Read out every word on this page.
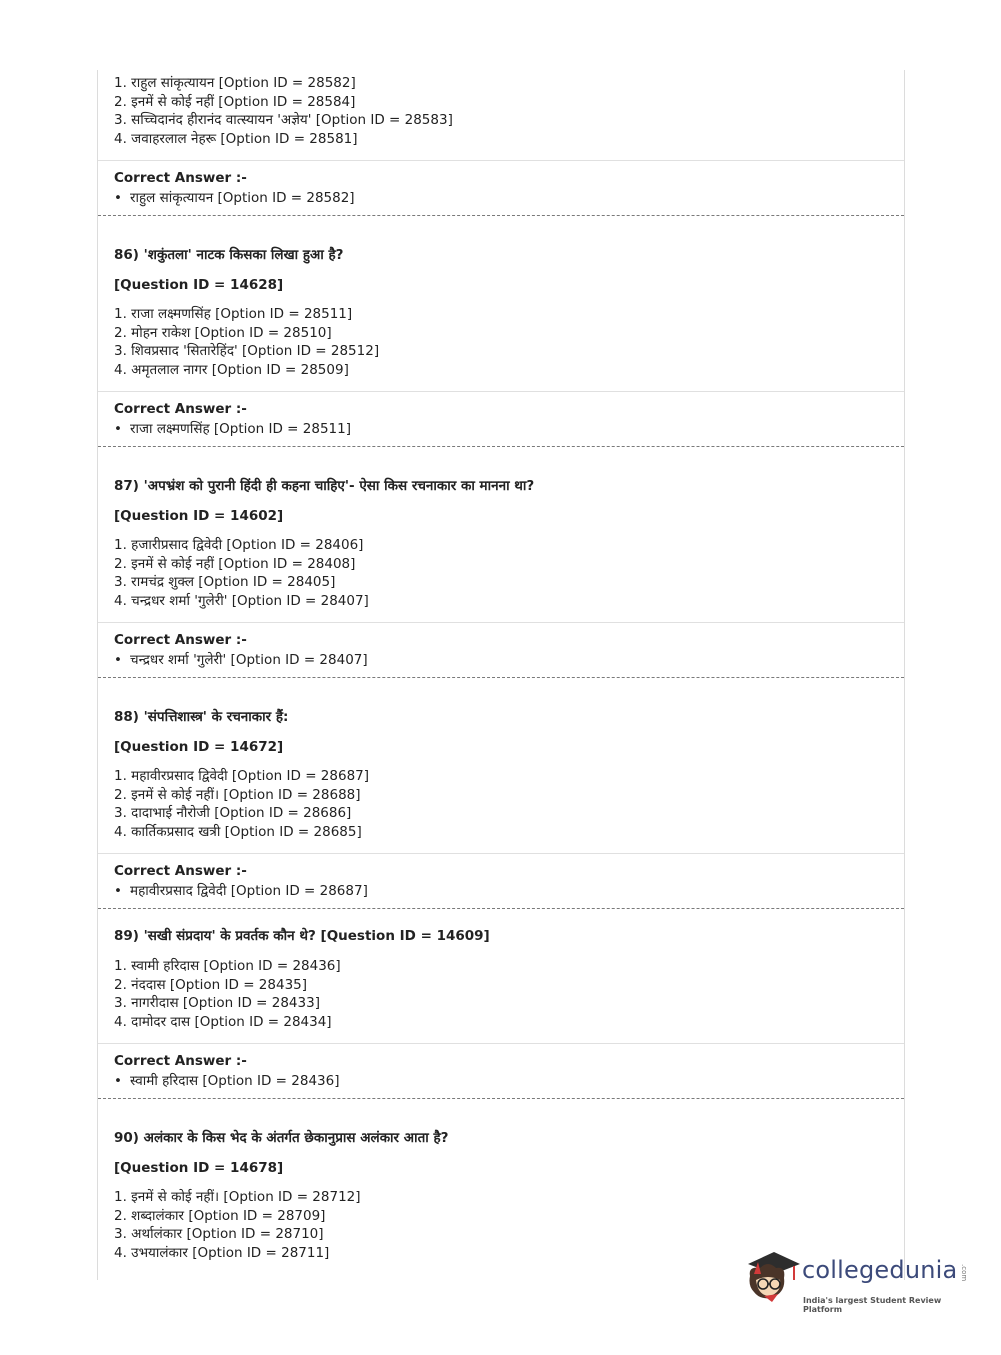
1. राहुल सांकृत्यायन [Option ID = 28582]
2. इनमें से कोई नहीं [Option ID = 28584]
3. सच्चिदानंद हीरानंद वात्स्यायन 'अज्ञेय' [Option ID = 28583]
4. जवाहरलाल नेहरू [Option ID = 28581]
Correct Answer :-
• राहुल सांकृत्यायन [Option ID = 28582]
86) 'शकुंतला' नाटक किसका लिखा हुआ है?
[Question ID = 14628]
1. राजा लक्ष्मणसिंह [Option ID = 28511]
2. मोहन राकेश [Option ID = 28510]
3. शिवप्रसाद 'सितारेहिंद' [Option ID = 28512]
4. अमृतलाल नागर [Option ID = 28509]
Correct Answer :-
• राजा लक्ष्मणसिंह [Option ID = 28511]
87) 'अपभ्रंश को पुरानी हिंदी ही कहना चाहिए'- ऐसा किस रचनाकार का मानना था?
[Question ID = 14602]
1. हजारीप्रसाद द्विवेदी [Option ID = 28406]
2. इनमें से कोई नहीं [Option ID = 28408]
3. रामचंद्र शुक्ल [Option ID = 28405]
4. चन्द्रधर शर्मा 'गुलेरी' [Option ID = 28407]
Correct Answer :-
• चन्द्रधर शर्मा 'गुलेरी' [Option ID = 28407]
88) 'संपत्तिशास्त्र' के रचनाकार हैं:
[Question ID = 14672]
1. महावीरप्रसाद द्विवेदी [Option ID = 28687]
2. इनमें से कोई नहीं। [Option ID = 28688]
3. दादाभाई नौरोजी [Option ID = 28686]
4. कार्तिकप्रसाद खत्री [Option ID = 28685]
Correct Answer :-
• महावीरप्रसाद द्विवेदी [Option ID = 28687]
89) 'सखी संप्रदाय' के प्रवर्तक कौन थे? [Question ID = 14609]
1. स्वामी हरिदास [Option ID = 28436]
2. नंददास [Option ID = 28435]
3. नागरीदास [Option ID = 28433]
4. दामोदर दास [Option ID = 28434]
Correct Answer :-
• स्वामी हरिदास [Option ID = 28436]
90) अलंकार के किस भेद के अंतर्गत छेकानुप्रास अलंकार आता है?
[Question ID = 14678]
1. इनमें से कोई नहीं। [Option ID = 28712]
2. शब्दालंकार [Option ID = 28709]
3. अर्थालंकार [Option ID = 28710]
4. उभयालंकार [Option ID = 28711]
collegedunia .com
India's largest Student Review Platform
